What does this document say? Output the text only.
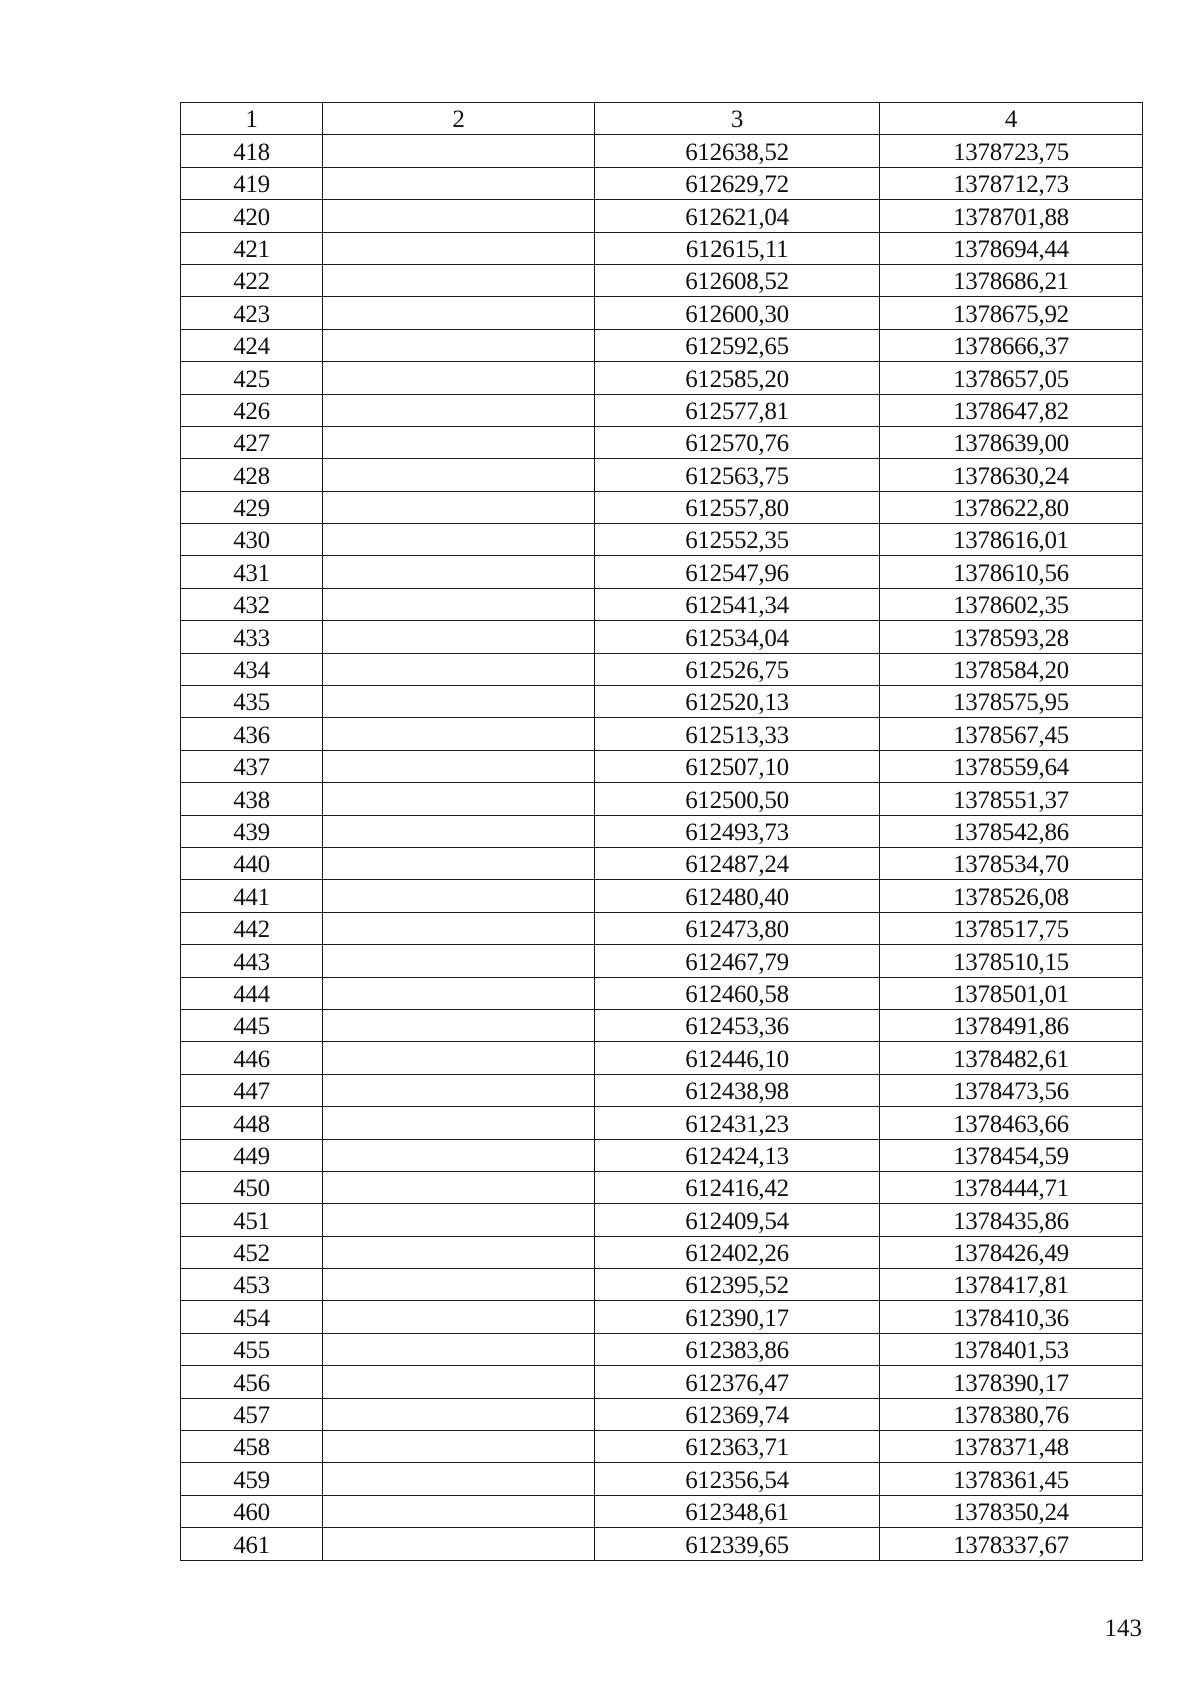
1	2	3	4
418		612638,52	1378723,75
419		612629,72	1378712,73
420		612621,04	1378701,88
421		612615,11	1378694,44
422		612608,52	1378686,21
423		612600,30	1378675,92
424		612592,65	1378666,37
425		612585,20	1378657,05
426		612577,81	1378647,82
427		612570,76	1378639,00
428		612563,75	1378630,24
429		612557,80	1378622,80
430		612552,35	1378616,01
431		612547,96	1378610,56
432		612541,34	1378602,35
433		612534,04	1378593,28
434		612526,75	1378584,20
435		612520,13	1378575,95
436		612513,33	1378567,45
437		612507,10	1378559,64
438		612500,50	1378551,37
439		612493,73	1378542,86
440		612487,24	1378534,70
441		612480,40	1378526,08
442		612473,80	1378517,75
443		612467,79	1378510,15
444		612460,58	1378501,01
445		612453,36	1378491,86
446		612446,10	1378482,61
447		612438,98	1378473,56
448		612431,23	1378463,66
449		612424,13	1378454,59
450		612416,42	1378444,71
451		612409,54	1378435,86
452		612402,26	1378426,49
453		612395,52	1378417,81
454		612390,17	1378410,36
455		612383,86	1378401,53
456		612376,47	1378390,17
457		612369,74	1378380,76
458		612363,71	1378371,48
459		612356,54	1378361,45
460		612348,61	1378350,24
461		612339,65	1378337,67
143
